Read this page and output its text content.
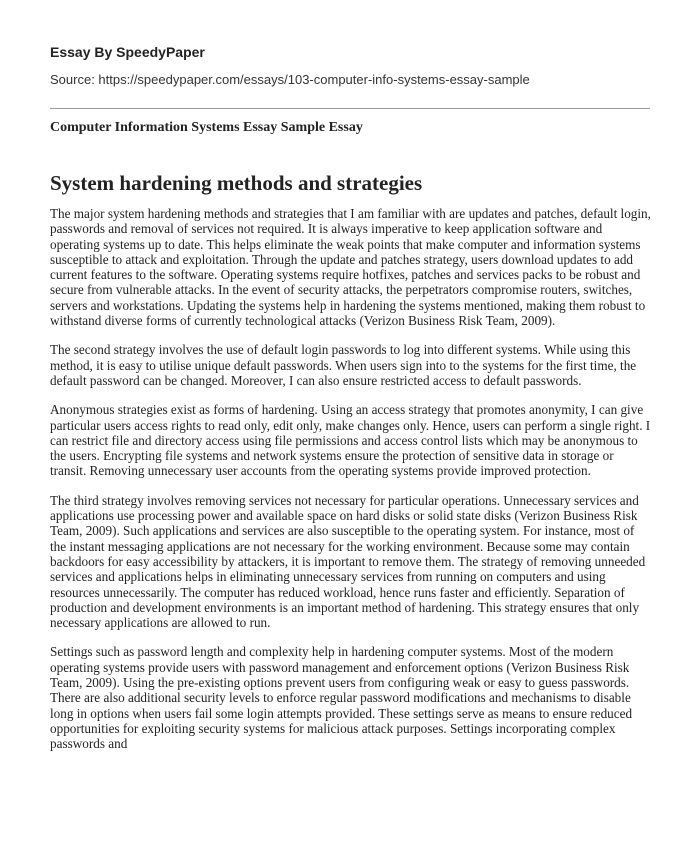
Essay By SpeedyPaper

Source: https://speedypaper.com/essays/103-computer-info-systems-essay-sample

Computer Information Systems Essay Sample Essay

System hardening methods and strategies

The major system hardening methods and strategies that I am familiar with are updates and patches, default login, passwords and removal of services not required. It is always imperative to keep application software and operating systems up to date. This helps eliminate the weak points that make computer and information systems susceptible to attack and exploitation. Through the update and patches strategy, users download updates to add current features to the software. Operating systems require hotfixes, patches and services packs to be robust and secure from vulnerable attacks. In the event of security attacks, the perpetrators compromise routers, switches, servers and workstations. Updating the systems help in hardening the systems mentioned, making them robust to withstand diverse forms of currently technological attacks (Verizon Business Risk Team, 2009).

The second strategy involves the use of default login passwords to log into different systems. While using this method, it is easy to utilise unique default passwords. When users sign into to the systems for the first time, the default password can be changed. Moreover, I can also ensure restricted access to default passwords.

Anonymous strategies exist as forms of hardening. Using an access strategy that promotes anonymity, I can give particular users access rights to read only, edit only, make changes only. Hence, users can perform a single right. I can restrict file and directory access using file permissions and access control lists which may be anonymous to the users. Encrypting file systems and network systems ensure the protection of sensitive data in storage or transit. Removing unnecessary user accounts from the operating systems provide improved protection.

The third strategy involves removing services not necessary for particular operations. Unnecessary services and applications use processing power and available space on hard disks or solid state disks (Verizon Business Risk Team, 2009). Such applications and services are also susceptible to the operating system. For instance, most of the instant messaging applications are not necessary for the working environment. Because some may contain backdoors for easy accessibility by attackers, it is important to remove them. The strategy of removing unneeded services and applications helps in eliminating unnecessary services from running on computers and using resources unnecessarily. The computer has reduced workload, hence runs faster and efficiently. Separation of production and development environments is an important method of hardening. This strategy ensures that only necessary applications are allowed to run.

Settings such as password length and complexity help in hardening computer systems. Most of the modern operating systems provide users with password management and enforcement options (Verizon Business Risk Team, 2009). Using the pre-existing options prevent users from configuring weak or easy to guess passwords. There are also additional security levels to enforce regular password modifications and mechanisms to disable long in options when users fail some login attempts provided. These settings serve as means to ensure reduced opportunities for exploiting security systems for malicious attack purposes. Settings incorporating complex passwords and
